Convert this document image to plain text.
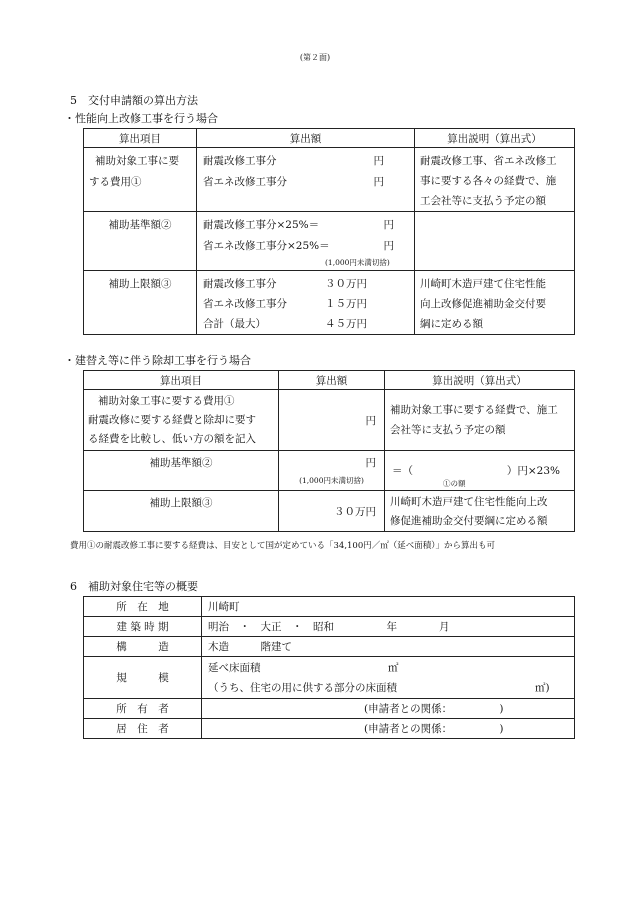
(第２面)
5　交付申請額の算出方法
・性能向上改修工事を行う場合
算出項目	算出額	算出説明（算出式）

補助対象工事に要
する費用①	耐震改修工事分 円
省エネ改修工事分 円	耐震改修工事、省エネ改修工
事に要する各々の経費で、施
工会社等に支払う予定の額

補助基準額②	耐震改修工事分×25%＝ 円
省エネ改修工事分×25%＝ 円
(1,000円未満切捨)	

補助上限額③	耐震改修工事分 ３０万円
省エネ改修工事分 １５万円
合計（最大） ４５万円	川崎町木造戸建て住宅性能
向上改修促進補助金交付要
綱に定める額
・建替え等に伴う除却工事を行う場合
算出項目	算出額	算出説明（算出式）

補助対象工事に要する費用①
耐震改修に要する経費と除却に要す
る経費を比較し、低い方の額を記入	円	補助対象工事に要する経費で、施工
会社等に支払う予定の額

補助基準額②	円
(1,000円未満切捨)	＝（ ）円×23%
①の額

補助上限額③	３０万円	川崎町木造戸建て住宅性能向上改
修促進補助金交付要綱に定める額
費用①の耐震改修工事に要する経費は、目安として国が定めている「34,100円／㎡（延べ面積）」から算出も可
6　補助対象住宅等の概要
所　在　地	川崎町
建 築 時 期	明治　・　大正　・　昭和　　　　　年　　　　月
構　　　造	木造　　　階建て
規　　　模	延べ床面積 ㎡
（うち、住宅の用に供する部分の床面積 ㎡)

所　有　者	(申請者との関係：　　　　　)
居　住　者	(申請者との関係：　　　　　)
